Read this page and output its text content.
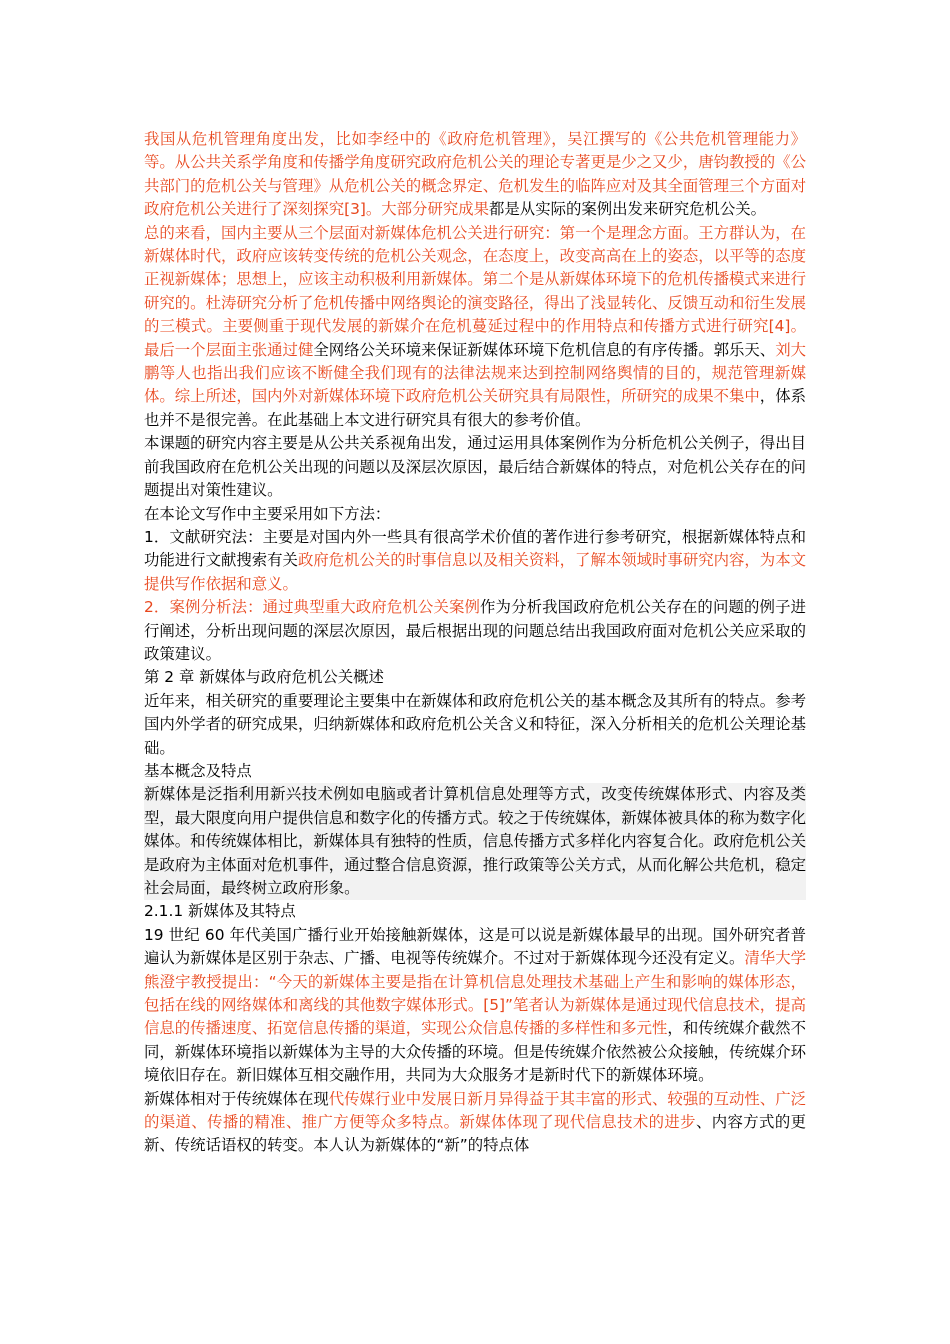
我国从危机管理角度出发，比如李经中的《政府危机管理》，吴江撰写的《公共危机管理能力》等。从公共关系学角度和传播学角度研究政府危机公关的理论专著更是少之又少，唐钧教授的《公共部门的危机公关与管理》从危机公关的概念界定、危机发生的临阵应对及其全面管理三个方面对政府危机公关进行了深刻探究[3]。大部分研究成果都是从实际的案例出发来研究危机公关。

总的来看，国内主要从三个层面对新媒体危机公关进行研究：第一个是理念方面。王方群认为，在新媒体时代，政府应该转变传统的危机公关观念，在态度上，改变高高在上的姿态，以平等的态度正视新媒体；思想上，应该主动积极利用新媒体。第二个是从新媒体环境下的危机传播模式来进行研究的。杜涛研究分析了危机传播中网络舆论的演变路径，得出了浅显转化、反馈互动和衍生发展的三模式。主要侧重于现代发展的新媒介在危机蔓延过程中的作用特点和传播方式进行研究[4]。最后一个层面主张通过健全网络公关环境来保证新媒体环境下危机信息的有序传播。郭乐天、刘大鹏等人也指出我们应该不断健全我们现有的法律法规来达到控制网络舆情的目的，规范管理新媒体。综上所述，国内外对新媒体环境下政府危机公关研究具有局限性，所研究的成果不集中，体系也并不是很完善。在此基础上本文进行研究具有很大的参考价值。

本课题的研究内容主要是从公共关系视角出发，通过运用具体案例作为分析危机公关例子，得出目前我国政府在危机公关出现的问题以及深层次原因，最后结合新媒体的特点，对危机公关存在的问题提出对策性建议。

在本论文写作中主要采用如下方法：

1．文献研究法：主要是对国内外一些具有很高学术价值的著作进行参考研究，根据新媒体特点和功能进行文献搜索有关政府危机公关的时事信息以及相关资料，了解本领域时事研究内容，为本文提供写作依据和意义。

2．案例分析法：通过典型重大政府危机公关案例作为分析我国政府危机公关存在的问题的例子进行阐述，分析出现问题的深层次原因，最后根据出现的问题总结出我国政府面对危机公关应采取的政策建议。

第 2 章 新媒体与政府危机公关概述

近年来，相关研究的重要理论主要集中在新媒体和政府危机公关的基本概念及其所有的特点。参考国内外学者的研究成果，归纳新媒体和政府危机公关含义和特征，深入分析相关的危机公关理论基础。

基本概念及特点

新媒体是泛指利用新兴技术例如电脑或者计算机信息处理等方式，改变传统媒体形式、内容及类型，最大限度向用户提供信息和数字化的传播方式。较之于传统媒体，新媒体被具体的称为数字化媒体。和传统媒体相比，新媒体具有独特的性质，信息传播方式多样化内容复合化。政府危机公关是政府为主体面对危机事件，通过整合信息资源，推行政策等公关方式，从而化解公共危机，稳定社会局面，最终树立政府形象。

2.1.1 新媒体及其特点

19 世纪 60 年代美国广播行业开始接触新媒体，这是可以说是新媒体最早的出现。国外研究者普遍认为新媒体是区别于杂志、广播、电视等传统媒介。不过对于新媒体现今还没有定义。清华大学熊澄宇教授提出：“今天的新媒体主要是指在计算机信息处理技术基础上产生和影响的媒体形态，包括在线的网络媒体和离线的其他数字媒体形式。[5]”笔者认为新媒体是通过现代信息技术，提高信息的传播速度、拓宽信息传播的渠道，实现公众信息传播的多样性和多元性，和传统媒介截然不同，新媒体环境指以新媒体为主导的大众传播的环境。但是传统媒介依然被公众接触，传统媒介环境依旧存在。新旧媒体互相交融作用，共同为大众服务才是新时代下的新媒体环境。

新媒体相对于传统媒体在现代传媒行业中发展日新月异得益于其丰富的形式、较强的互动性、广泛的渠道、传播的精准、推广方便等众多特点。新媒体体现了现代信息技术的进步、内容方式的更新、传统话语权的转变。本人认为新媒体的“新”的特点体
